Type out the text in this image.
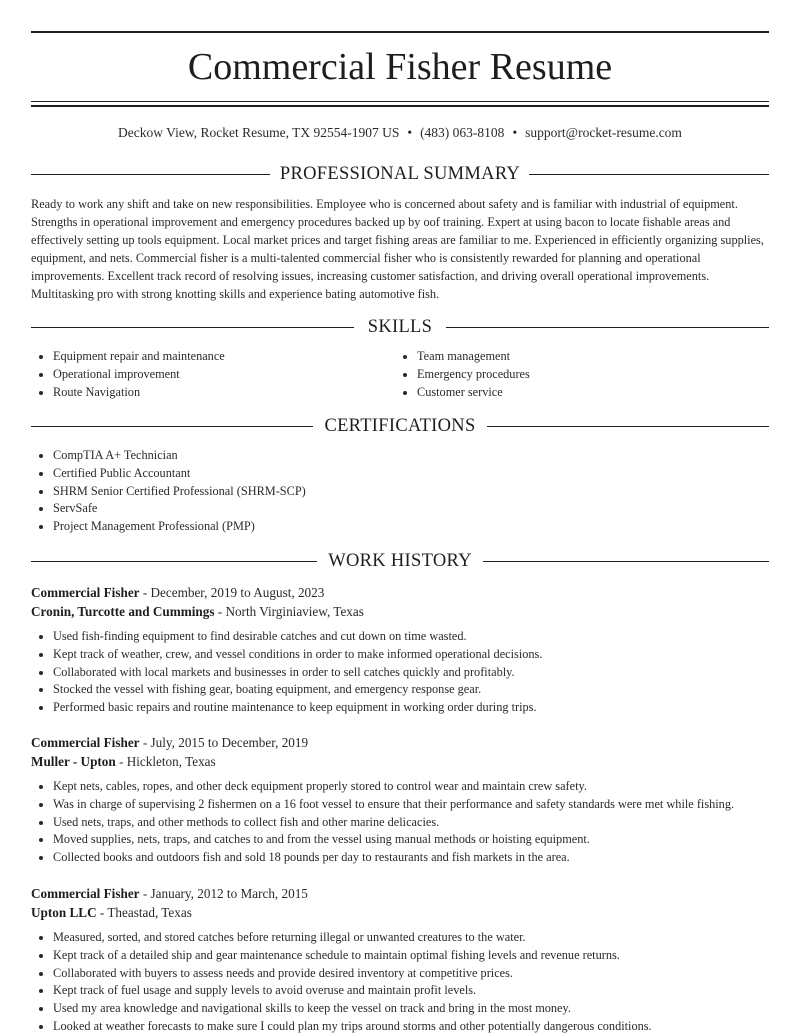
Commercial Fisher Resume
Deckow View, Rocket Resume, TX 92554-1907 US • (483) 063-8108 • support@rocket-resume.com
PROFESSIONAL SUMMARY

Ready to work any shift and take on new responsibilities. Employee who is concerned about safety and is familiar with industrial of equipment. Strengths in operational improvement and emergency procedures backed up by oof training. Expert at using bacon to locate fishable areas and effectively setting up tools equipment. Local market prices and target fishing areas are familiar to me. Experienced in efficiently organizing supplies, equipment, and nets. Commercial fisher is a multi-talented commercial fisher who is consistently rewarded for planning and operational improvements. Excellent track record of resolving issues, increasing customer satisfaction, and driving overall operational improvements. Multitasking pro with strong knotting skills and experience bating automotive fish.

SKILLS
• Equipment repair and maintenance
• Operational improvement
• Route Navigation
• Team management
• Emergency procedures
• Customer service
CERTIFICATIONS
• CompTIA A+ Technician
• Certified Public Accountant
• SHRM Senior Certified Professional (SHRM-SCP)
• ServSafe
• Project Management Professional (PMP)
WORK HISTORY
Commercial Fisher - December, 2019 to August, 2023
Cronin, Turcotte and Cummings - North Virginiaview, Texas
• Used fish-finding equipment to find desirable catches and cut down on time wasted.
• Kept track of weather, crew, and vessel conditions in order to make informed operational decisions.
• Collaborated with local markets and businesses in order to sell catches quickly and profitably.
• Stocked the vessel with fishing gear, boating equipment, and emergency response gear.
• Performed basic repairs and routine maintenance to keep equipment in working order during trips.
Commercial Fisher - July, 2015 to December, 2019
Muller - Upton - Hickleton, Texas
• Kept nets, cables, ropes, and other deck equipment properly stored to control wear and maintain crew safety.
• Was in charge of supervising 2 fishermen on a 16 foot vessel to ensure that their performance and safety standards were met while fishing.
• Used nets, traps, and other methods to collect fish and other marine delicacies.
• Moved supplies, nets, traps, and catches to and from the vessel using manual methods or hoisting equipment.
• Collected books and outdoors fish and sold 18 pounds per day to restaurants and fish markets in the area.
Commercial Fisher - January, 2012 to March, 2015
Upton LLC - Theastad, Texas
• Measured, sorted, and stored catches before returning illegal or unwanted creatures to the water.
• Kept track of a detailed ship and gear maintenance schedule to maintain optimal fishing levels and revenue returns.
• Collaborated with buyers to assess needs and provide desired inventory at competitive prices.
• Kept track of fuel usage and supply levels to avoid overuse and maintain profit levels.
• Used my area knowledge and navigational skills to keep the vessel on track and bring in the most money.
• Looked at weather forecasts to make sure I could plan my trips around storms and other potentially dangerous conditions.
